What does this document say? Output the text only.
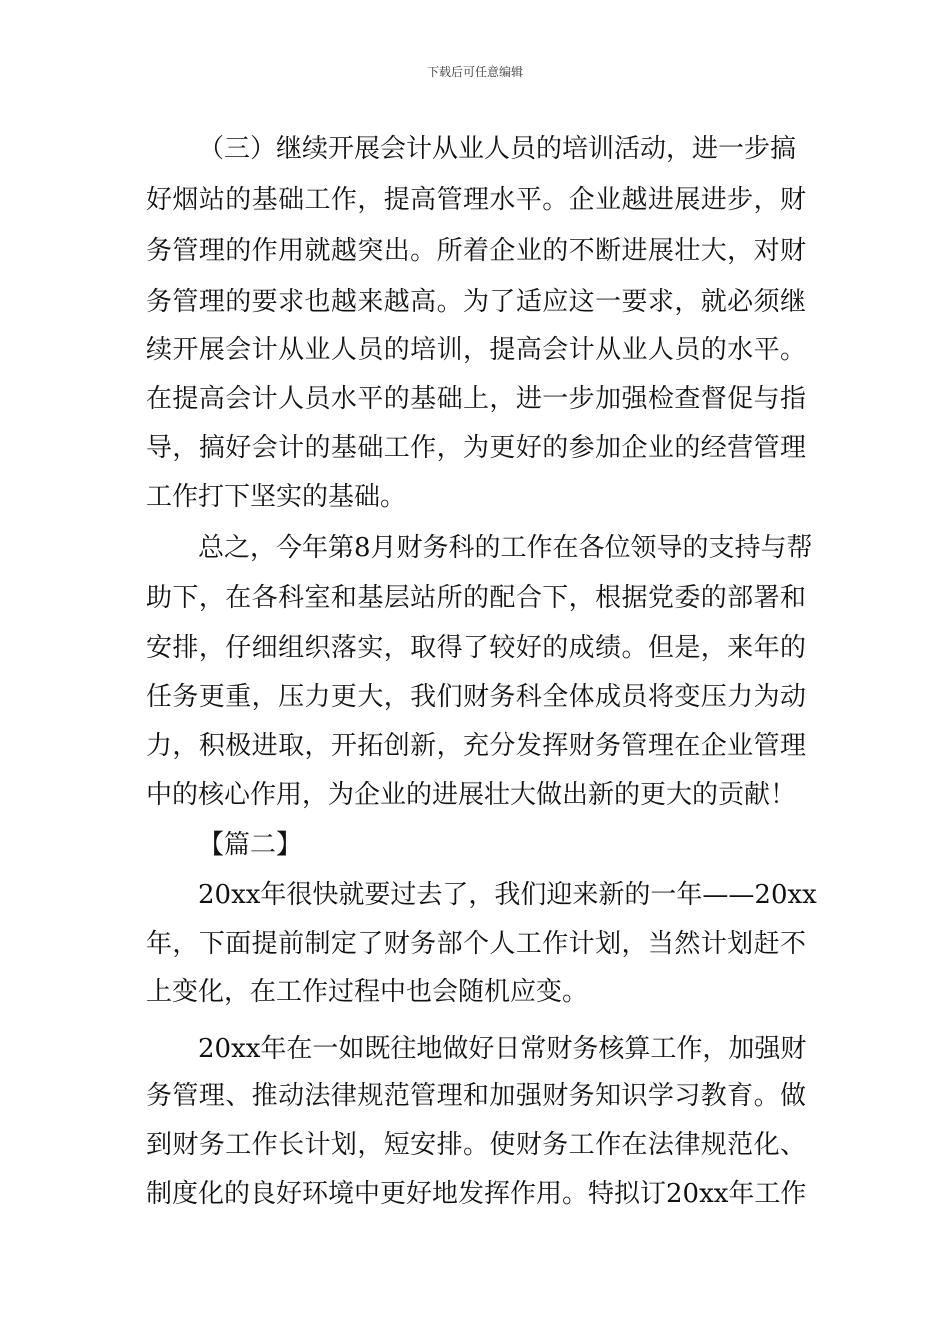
下载后可任意编辑
（三）继续开展会计从业人员的培训活动，进一步搞
好烟站的基础工作，提高管理水平。企业越进展进步，财
务管理的作用就越突出。所着企业的不断进展壮大，对财
务管理的要求也越来越高。为了适应这一要求，就必须继
续开展会计从业人员的培训，提高会计从业人员的水平。
在提高会计人员水平的基础上，进一步加强检查督促与指
导，搞好会计的基础工作，为更好的参加企业的经营管理
工作打下坚实的基础。
总之，今年第8月财务科的工作在各位领导的支持与帮
助下，在各科室和基层站所的配合下，根据党委的部署和
安排，仔细组织落实，取得了较好的成绩。但是，来年的
任务更重，压力更大，我们财务科全体成员将变压力为动
力，积极进取，开拓创新，充分发挥财务管理在企业管理
中的核心作用，为企业的进展壮大做出新的更大的贡献！
【篇二】
20xx年很快就要过去了，我们迎来新的一年——20xx
年，下面提前制定了财务部个人工作计划，当然计划赶不
上变化，在工作过程中也会随机应变。
20xx年在一如既往地做好日常财务核算工作，加强财
务管理、推动法律规范管理和加强财务知识学习教育。做
到财务工作长计划，短安排。使财务工作在法律规范化、
制度化的良好环境中更好地发挥作用。特拟订20xx年工作
